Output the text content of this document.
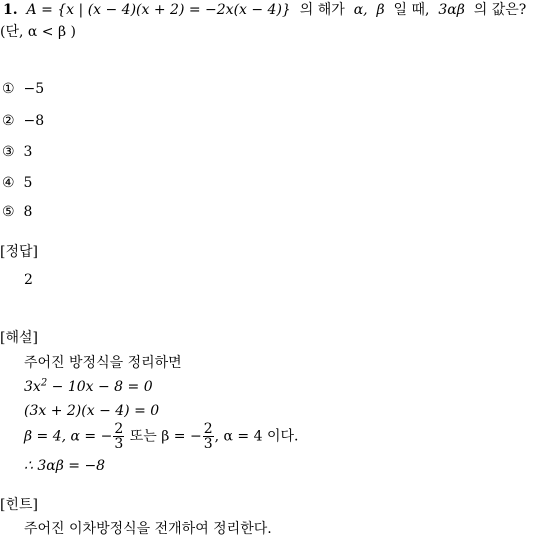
1. A = {x | (x − 4)(x + 2) = −2x(x − 4)} 의 해가 α, β 일 때, 3αβ 의 값은?
(단, α < β )
① −5
② −8
③ 3
④ 5
⑤ 8
[정답]
2
[해설]
주어진 방정식을 정리하면
$3x^2 - 10x - 8 = 0$
(3x + 2)(x − 4) = 0
β = 4, α = − $\frac{2}{3}$ 또는 β = − $\frac{2}{3}$ , α = 4 이다.
∴ 3αβ = −8
[힌트]
주어진 이차방정식을 전개하여 정리한다.
